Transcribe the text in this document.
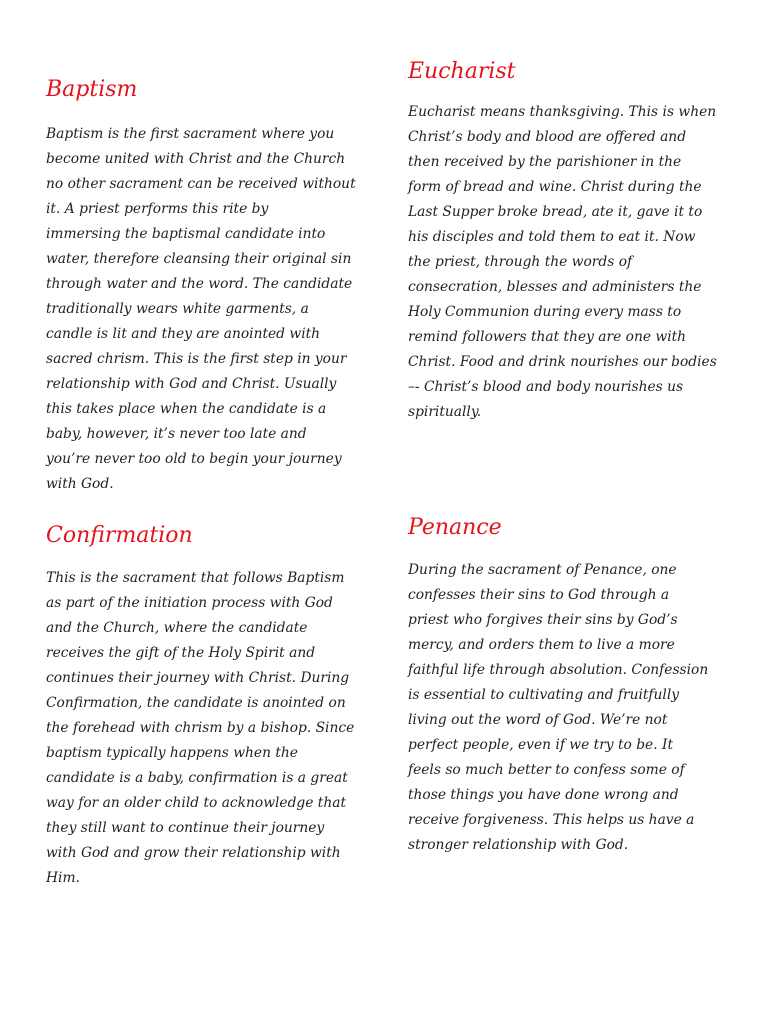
Baptism

Baptism is the first sacrament where you
become united with Christ and the Church
no other sacrament can be received without
it. A priest performs this rite by
immersing the baptismal candidate into
water, therefore cleansing their original sin
through water and the word. The candidate
traditionally wears white garments, a
candle is lit and they are anointed with
sacred chrism. This is the first step in your
relationship with God and Christ. Usually
this takes place when the candidate is a
baby, however, it’s never too late and
you’re never too old to begin your journey
with God.

Eucharist

Eucharist means thanksgiving. This is when
Christ’s body and blood are offered and
then received by the parishioner in the
form of bread and wine. Christ during the
Last Supper broke bread, ate it, gave it to
his disciples and told them to eat it. Now
the priest, through the words of
consecration, blesses and administers the
Holy Communion during every mass to
remind followers that they are one with
Christ. Food and drink nourishes our bodies
–- Christ’s blood and body nourishes us
spiritually.

Confirmation

This is the sacrament that follows Baptism
as part of the initiation process with God
and the Church, where the candidate
receives the gift of the Holy Spirit and
continues their journey with Christ. During
Confirmation, the candidate is anointed on
the forehead with chrism by a bishop. Since
baptism typically happens when the
candidate is a baby, confirmation is a great
way for an older child to acknowledge that
they still want to continue their journey
with God and grow their relationship with
Him.

Penance

During the sacrament of Penance, one
confesses their sins to God through a
priest who forgives their sins by God’s
mercy, and orders them to live a more
faithful life through absolution. Confession
is essential to cultivating and fruitfully
living out the word of God. We’re not
perfect people, even if we try to be. It
feels so much better to confess some of
those things you have done wrong and
receive forgiveness. This helps us have a
stronger relationship with God.
